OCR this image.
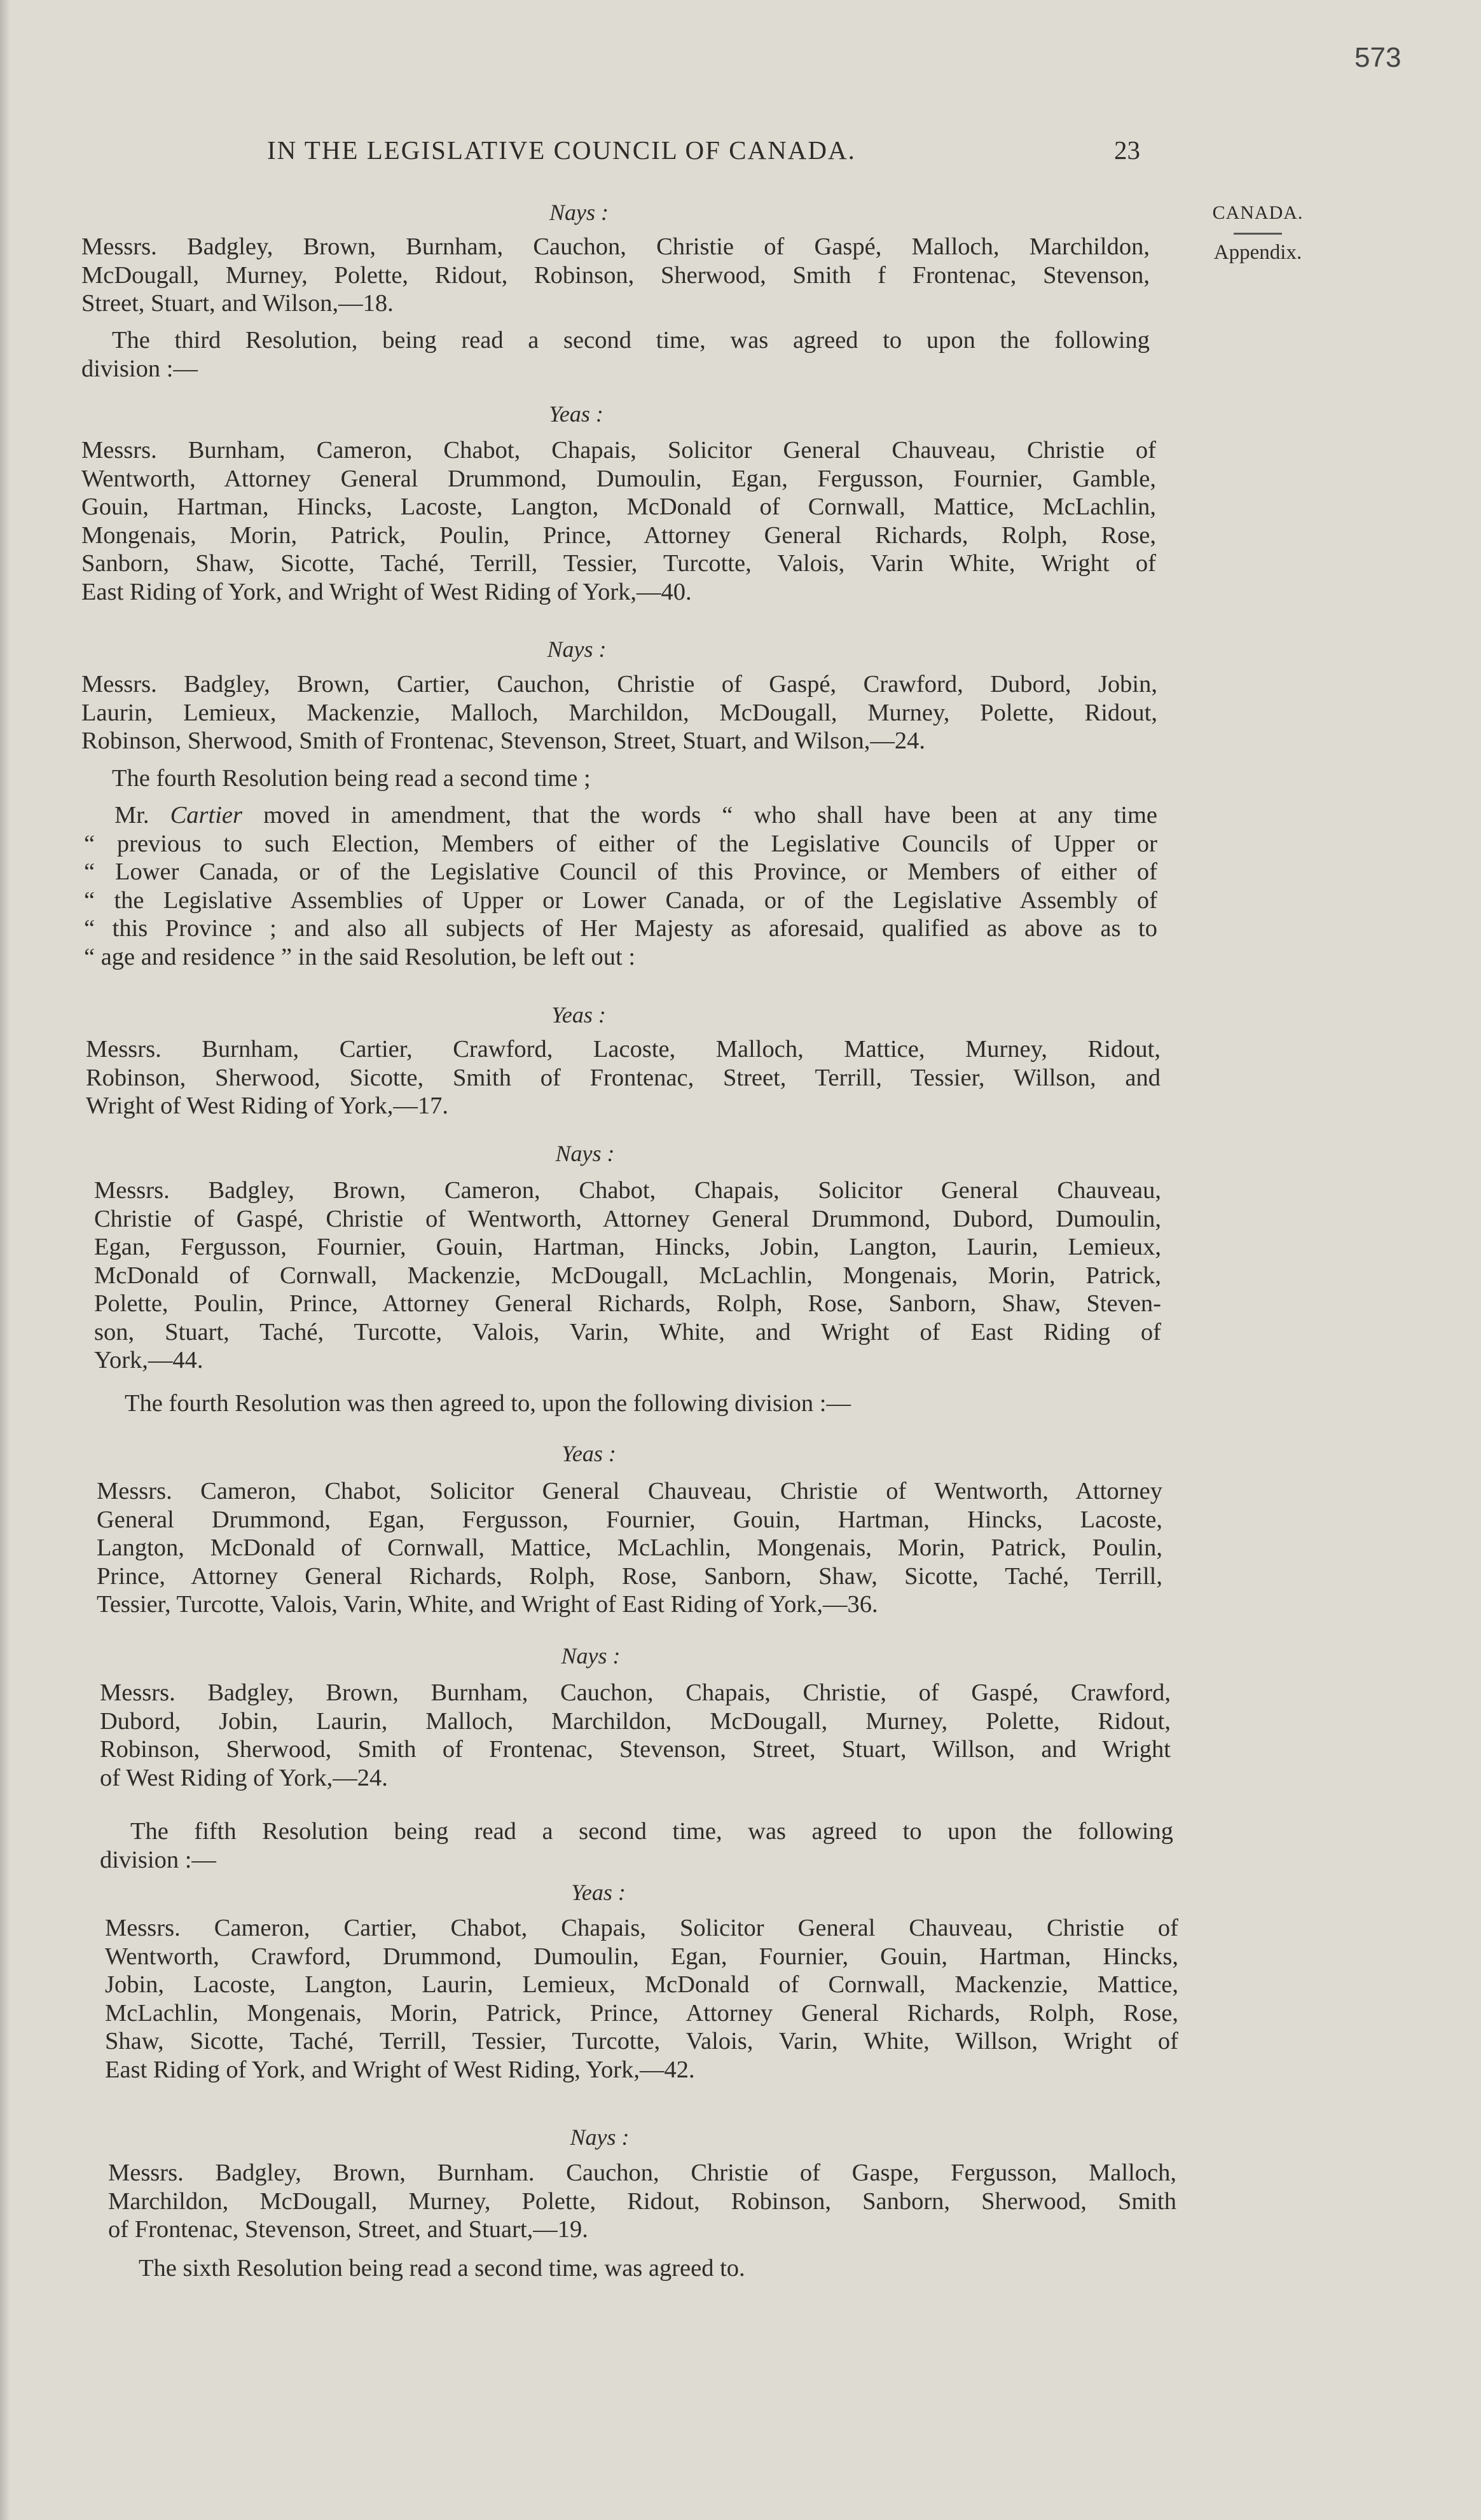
573
IN THE LEGISLATIVE COUNCIL OF CANADA.	23
CANADA.
Appendix.
Nays :
Messrs. Badgley, Brown, Burnham, Cauchon, Christie of Gaspé, Malloch, Marchildon,
McDougall, Murney, Polette, Ridout, Robinson, Sherwood, Smith f Frontenac, Stevenson,
Street, Stuart, and Wilson,—18.
The third Resolution, being read a second time, was agreed to upon the following
division :—
Yeas :
Messrs. Burnham, Cameron, Chabot, Chapais, Solicitor General Chauveau, Christie of
Wentworth, Attorney General Drummond, Dumoulin, Egan, Fergusson, Fournier, Gamble,
Gouin, Hartman, Hincks, Lacoste, Langton, McDonald of Cornwall, Mattice, McLachlin,
Mongenais, Morin, Patrick, Poulin, Prince, Attorney General Richards, Rolph, Rose,
Sanborn, Shaw, Sicotte, Taché, Terrill, Tessier, Turcotte, Valois, Varin White, Wright of
East Riding of York, and Wright of West Riding of York,—40.
Nays :
Messrs. Badgley, Brown, Cartier, Cauchon, Christie of Gaspé, Crawford, Dubord, Jobin,
Laurin, Lemieux, Mackenzie, Malloch, Marchildon, McDougall, Murney, Polette, Ridout,
Robinson, Sherwood, Smith of Frontenac, Stevenson, Street, Stuart, and Wilson,—24.
The fourth Resolution being read a second time ;
Mr. Cartier moved in amendment, that the words “ who shall have been at any time
“ previous to such Election, Members of either of the Legislative Councils of Upper or
“ Lower Canada, or of the Legislative Council of this Province, or Members of either of
“ the Legislative Assemblies of Upper or Lower Canada, or of the Legislative Assembly of
“ this Province ; and also all subjects of Her Majesty as aforesaid, qualified as above as to
“ age and residence ” in the said Resolution, be left out :
Yeas :
Messrs. Burnham, Cartier, Crawford, Lacoste, Malloch, Mattice, Murney, Ridout,
Robinson, Sherwood, Sicotte, Smith of Frontenac, Street, Terrill, Tessier, Willson, and
Wright of West Riding of York,—17.
Nays :
Messrs. Badgley, Brown, Cameron, Chabot, Chapais, Solicitor General Chauveau,
Christie of Gaspé, Christie of Wentworth, Attorney General Drummond, Dubord, Dumoulin,
Egan, Fergusson, Fournier, Gouin, Hartman, Hincks, Jobin, Langton, Laurin, Lemieux,
McDonald of Cornwall, Mackenzie, McDougall, McLachlin, Mongenais, Morin, Patrick,
Polette, Poulin, Prince, Attorney General Richards, Rolph, Rose, Sanborn, Shaw, Steven-
son, Stuart, Taché, Turcotte, Valois, Varin, White, and Wright of East Riding of
York,—44.
The fourth Resolution was then agreed to, upon the following division :—
Yeas :
Messrs. Cameron, Chabot, Solicitor General Chauveau, Christie of Wentworth, Attorney
General Drummond, Egan, Fergusson, Fournier, Gouin, Hartman, Hincks, Lacoste,
Langton, McDonald of Cornwall, Mattice, McLachlin, Mongenais, Morin, Patrick, Poulin,
Prince, Attorney General Richards, Rolph, Rose, Sanborn, Shaw, Sicotte, Taché, Terrill,
Tessier, Turcotte, Valois, Varin, White, and Wright of East Riding of York,—36.
Nays :
Messrs. Badgley, Brown, Burnham, Cauchon, Chapais, Christie, of Gaspé, Crawford,
Dubord, Jobin, Laurin, Malloch, Marchildon, McDougall, Murney, Polette, Ridout,
Robinson, Sherwood, Smith of Frontenac, Stevenson, Street, Stuart, Willson, and Wright
of West Riding of York,—24.
The fifth Resolution being read a second time, was agreed to upon the following
division :—
Yeas :
Messrs. Cameron, Cartier, Chabot, Chapais, Solicitor General Chauveau, Christie of
Wentworth, Crawford, Drummond, Dumoulin, Egan, Fournier, Gouin, Hartman, Hincks,
Jobin, Lacoste, Langton, Laurin, Lemieux, McDonald of Cornwall, Mackenzie, Mattice,
McLachlin, Mongenais, Morin, Patrick, Prince, Attorney General Richards, Rolph, Rose,
Shaw, Sicotte, Taché, Terrill, Tessier, Turcotte, Valois, Varin, White, Willson, Wright of
East Riding of York, and Wright of West Riding, York,—42.
Nays :
Messrs. Badgley, Brown, Burnham. Cauchon, Christie of Gaspe, Fergusson, Malloch,
Marchildon, McDougall, Murney, Polette, Ridout, Robinson, Sanborn, Sherwood, Smith
of Frontenac, Stevenson, Street, and Stuart,—19.
The sixth Resolution being read a second time, was agreed to.
